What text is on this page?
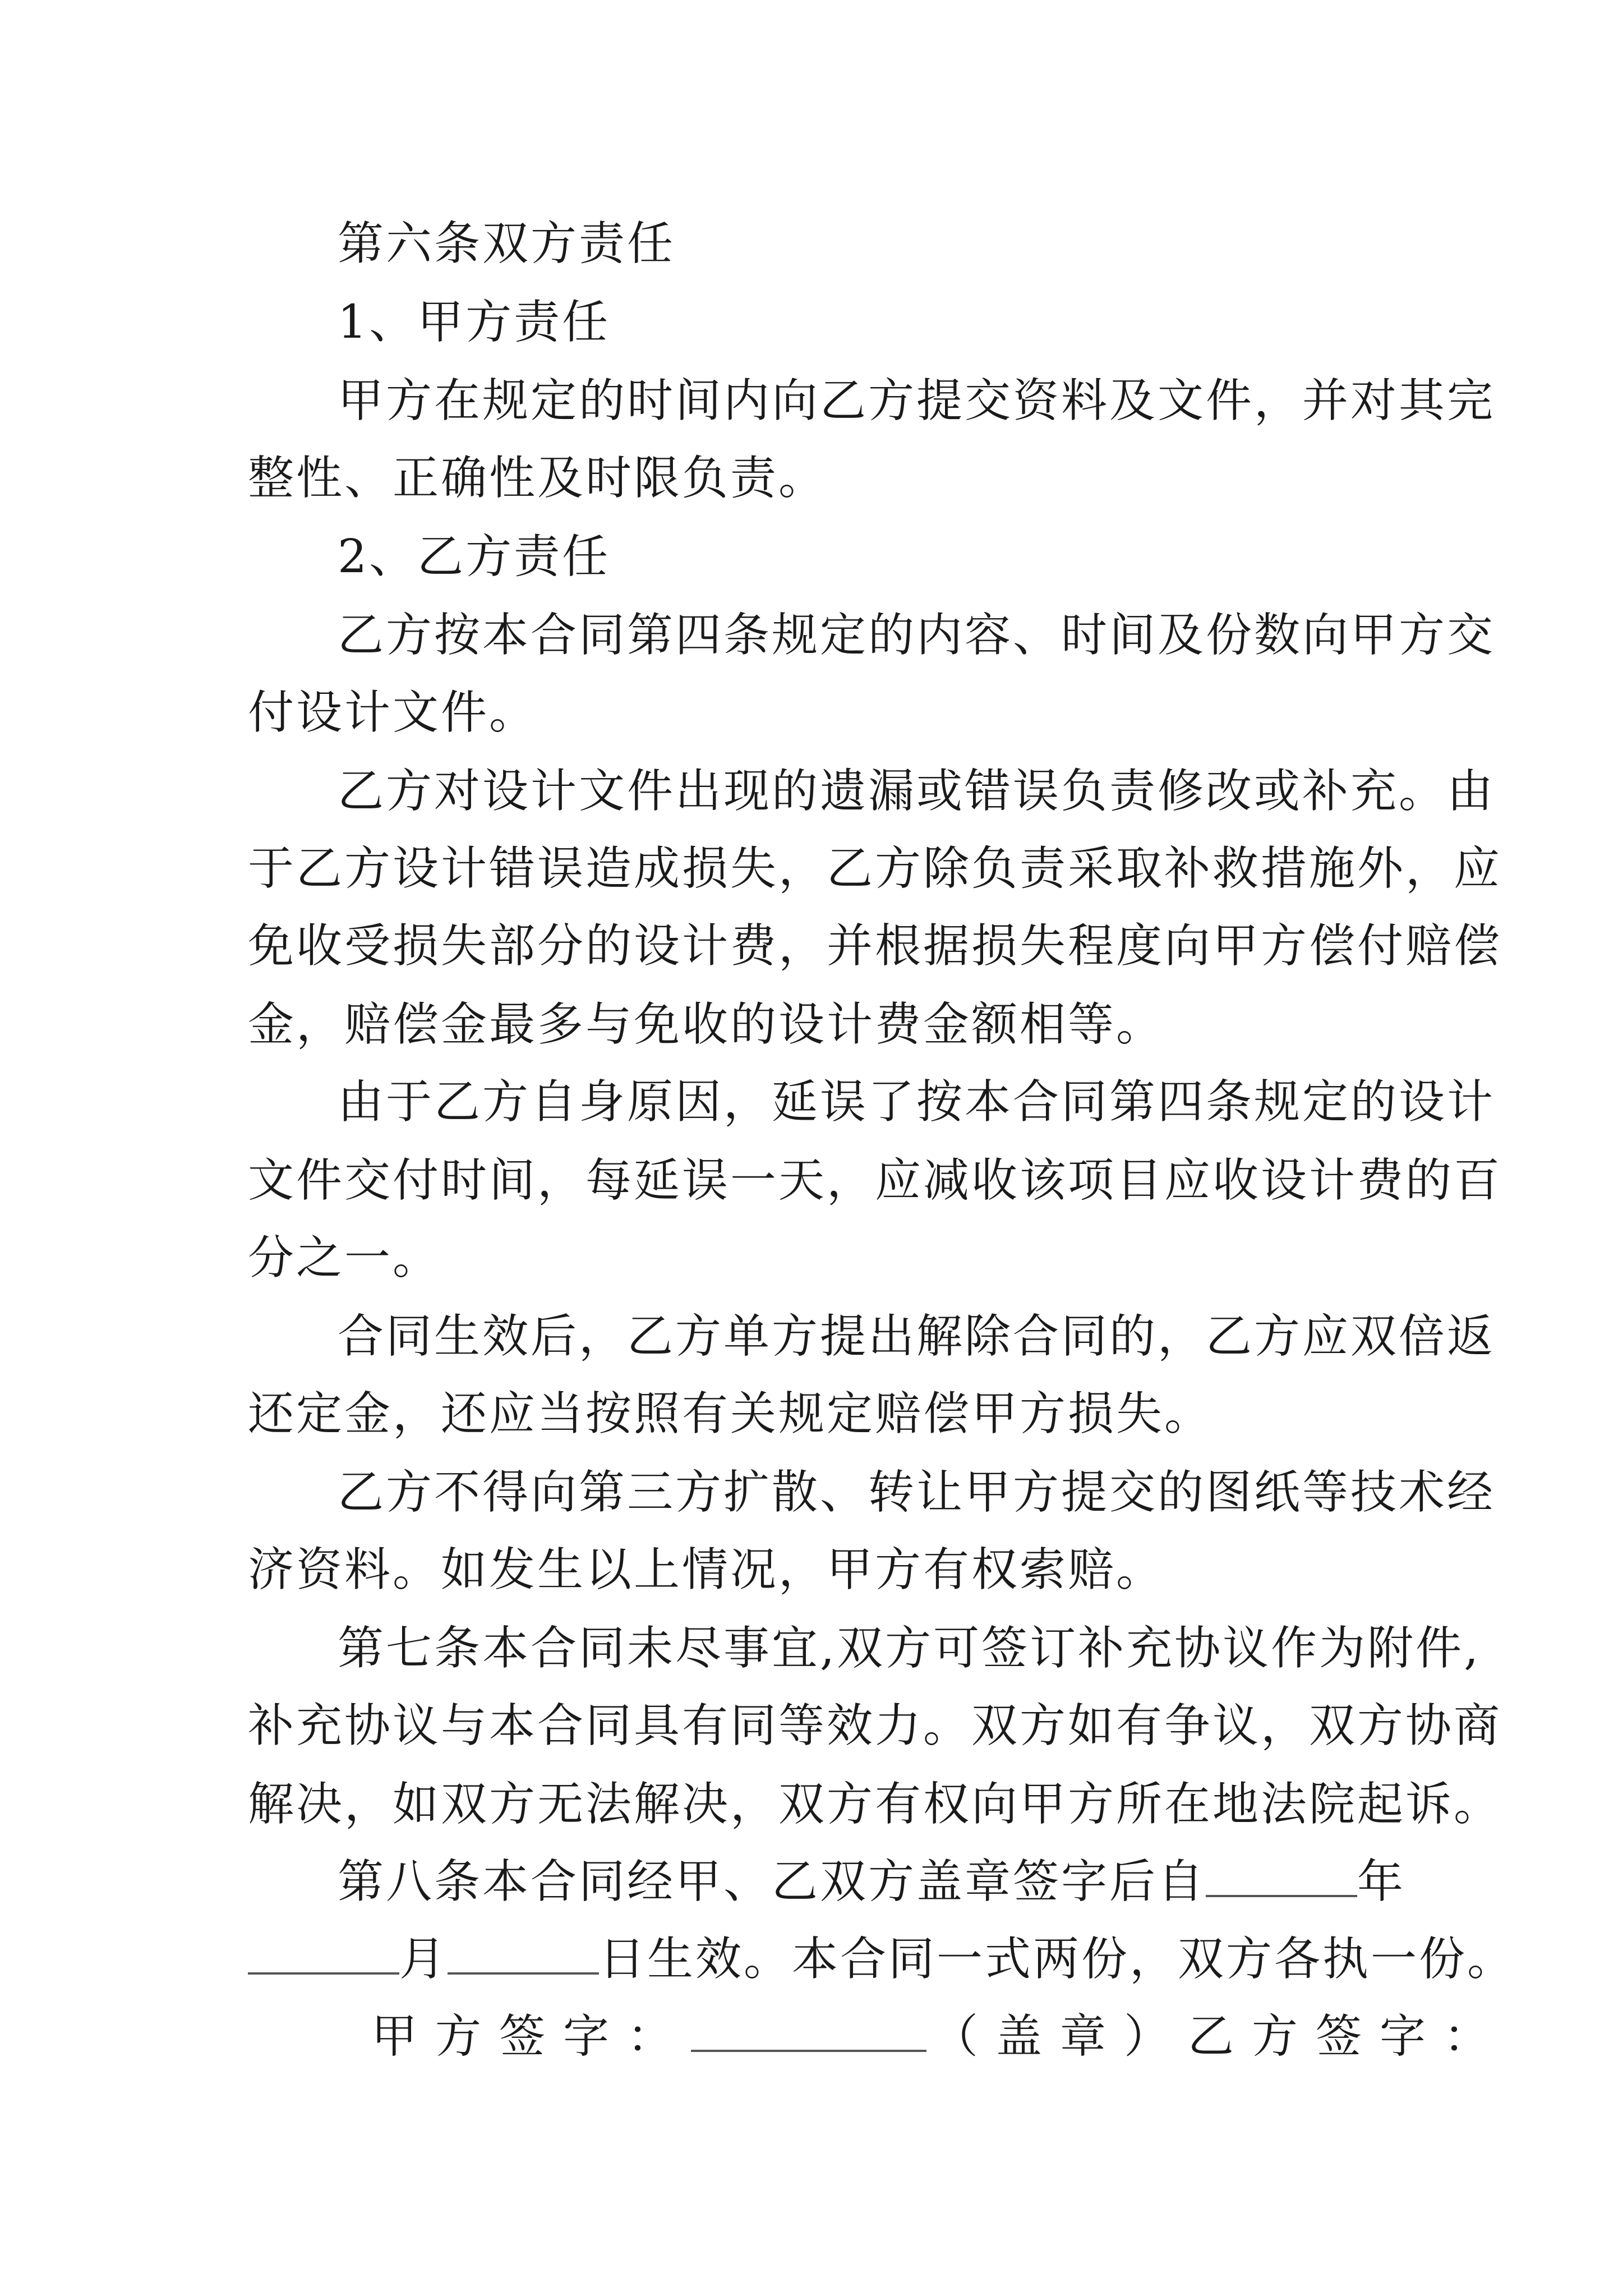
第六条双方责任
1、甲方责任
甲方在规定的时间内向乙方提交资料及文件，并对其完
整性、正确性及时限负责。
2、乙方责任
乙方按本合同第四条规定的内容、时间及份数向甲方交
付设计文件。
乙方对设计文件出现的遗漏或错误负责修改或补充。由
于乙方设计错误造成损失，乙方除负责采取补救措施外，应
免收受损失部分的设计费，并根据损失程度向甲方偿付赔偿
金，赔偿金最多与免收的设计费金额相等。
由于乙方自身原因，延误了按本合同第四条规定的设计
文件交付时间，每延误一天，应减收该项目应收设计费的百
分之一。
合同生效后，乙方单方提出解除合同的，乙方应双倍返
还定金，还应当按照有关规定赔偿甲方损失。
乙方不得向第三方扩散、转让甲方提交的图纸等技术经
济资料。如发生以上情况，甲方有权索赔。
第七条本合同未尽事宜,双方可签订补充协议作为附件,
补充协议与本合同具有同等效力。双方如有争议，双方协商
解决，如双方无法解决，双方有权向甲方所在地法院起诉。
第八条本合同经甲、乙双方盖章签字后自	年
月	日生效。本合同一式两份，双方各执一份。
甲方签字：	（盖章）乙方签字：
